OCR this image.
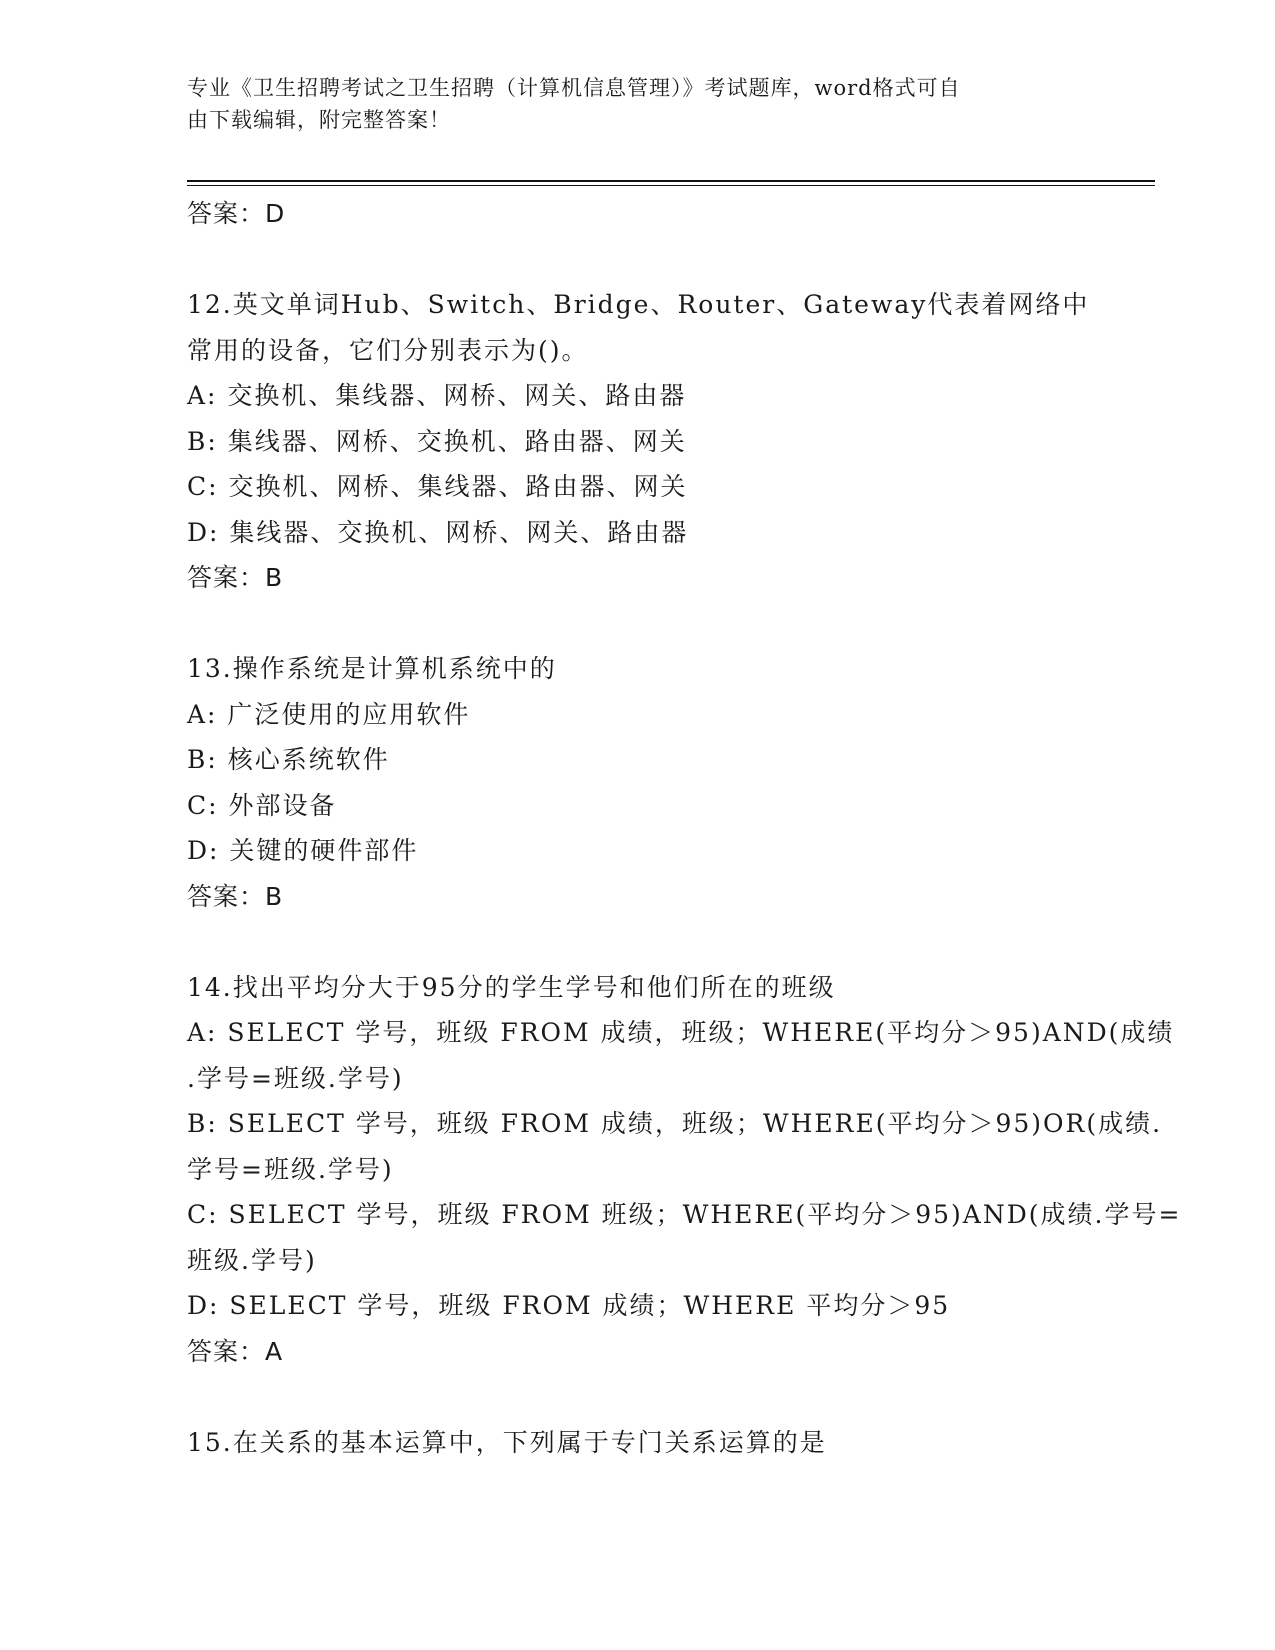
专业《卫生招聘考试之卫生招聘（计算机信息管理）》考试题库，word格式可自
由下载编辑，附完整答案！
答案：D
12.英文单词Hub、Switch、Bridge、Router、Gateway代表着网络中
常用的设备，它们分别表示为()。
A: 交换机、集线器、网桥、网关、路由器
B: 集线器、网桥、交换机、路由器、网关
C: 交换机、网桥、集线器、路由器、网关
D: 集线器、交换机、网桥、网关、路由器
答案：B
13.操作系统是计算机系统中的
A: 广泛使用的应用软件
B: 核心系统软件
C: 外部设备
D: 关键的硬件部件
答案：B
14.找出平均分大于95分的学生学号和他们所在的班级
A: SELECT 学号，班级 FROM 成绩，班级；WHERE(平均分＞95)AND(成绩
.学号=班级.学号)
B: SELECT 学号，班级 FROM 成绩，班级；WHERE(平均分＞95)OR(成绩.
学号=班级.学号)
C: SELECT 学号，班级 FROM 班级；WHERE(平均分＞95)AND(成绩.学号=
班级.学号)
D: SELECT 学号，班级 FROM 成绩；WHERE 平均分＞95
答案：A
15.在关系的基本运算中，下列属于专门关系运算的是
